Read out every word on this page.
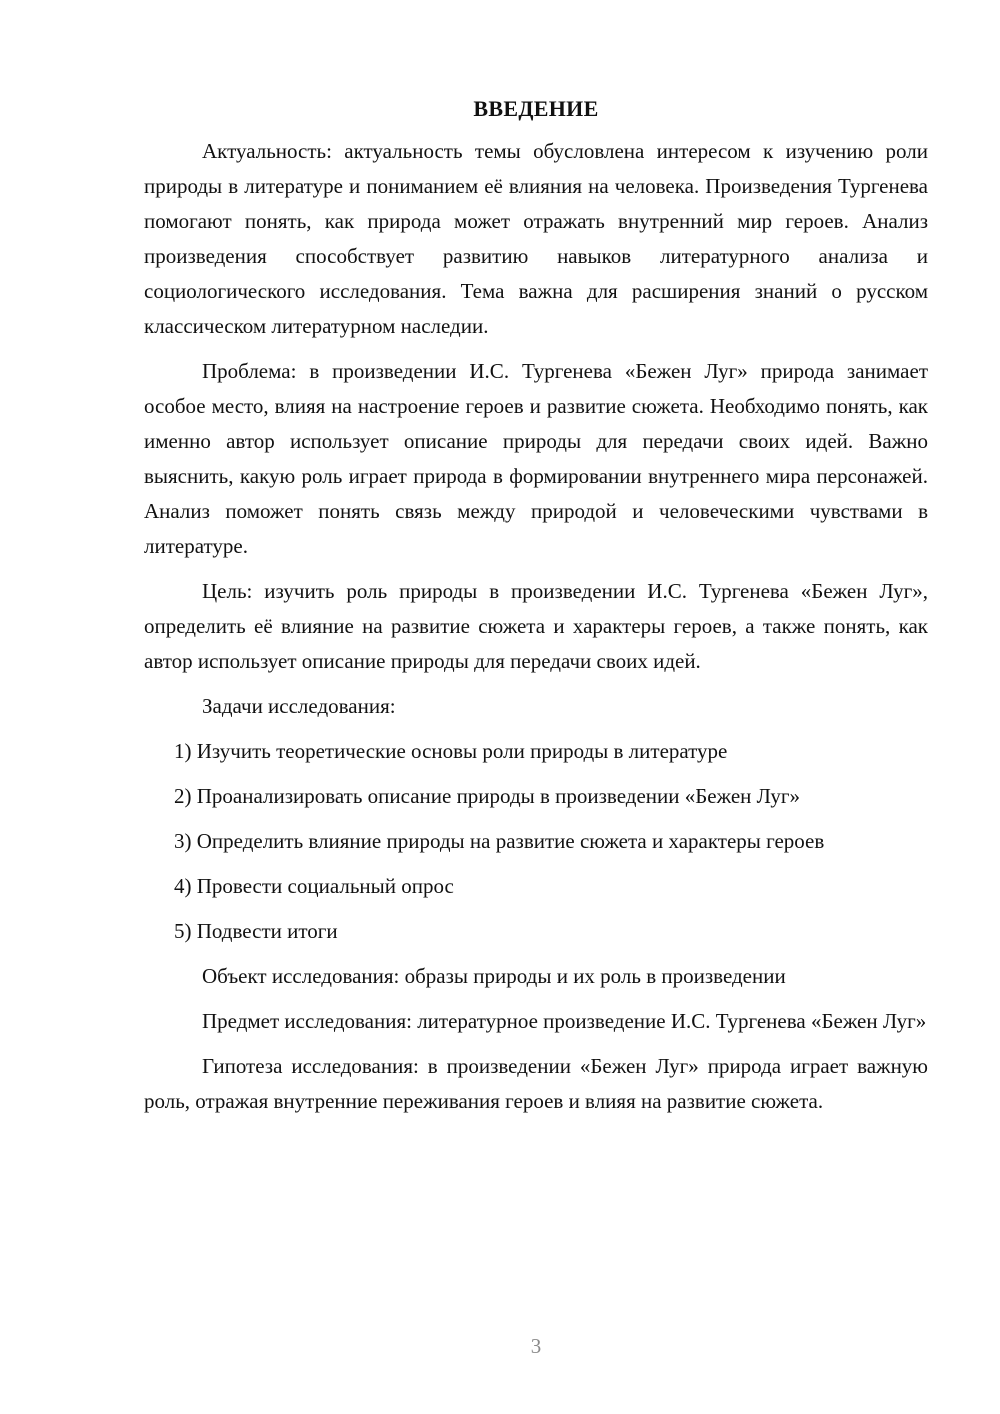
ВВЕДЕНИЕ

Актуальность: актуальность темы обусловлена интересом к изучению роли природы в литературе и пониманием её влияния на человека. Произведения Тургенева помогают понять, как природа может отражать внутренний мир героев. Анализ произведения способствует развитию навыков литературного анализа и социологического исследования. Тема важна для расширения знаний о русском классическом литературном наследии.

Проблема: в произведении И.С. Тургенева «Бежен Луг» природа занимает особое место, влияя на настроение героев и развитие сюжета. Необходимо понять, как именно автор использует описание природы для передачи своих идей. Важно выяснить, какую роль играет природа в формировании внутреннего мира персонажей. Анализ поможет понять связь между природой и человеческими чувствами в литературе.

Цель: изучить роль природы в произведении И.С. Тургенева «Бежен Луг», определить её влияние на развитие сюжета и характеры героев, а также понять, как автор использует описание природы для передачи своих идей.

Задачи исследования:

1) Изучить теоретические основы роли природы в литературе

2) Проанализировать описание природы в произведении «Бежен Луг»

3) Определить влияние природы на развитие сюжета и характеры героев

4) Провести социальный опрос

5) Подвести итоги

Объект исследования: образы природы и их роль в произведении

Предмет исследования: литературное произведение И.С. Тургенева «Бежен Луг»

Гипотеза исследования: в произведении «Бежен Луг» природа играет важную роль, отражая внутренние переживания героев и влияя на развитие сюжета.

3
